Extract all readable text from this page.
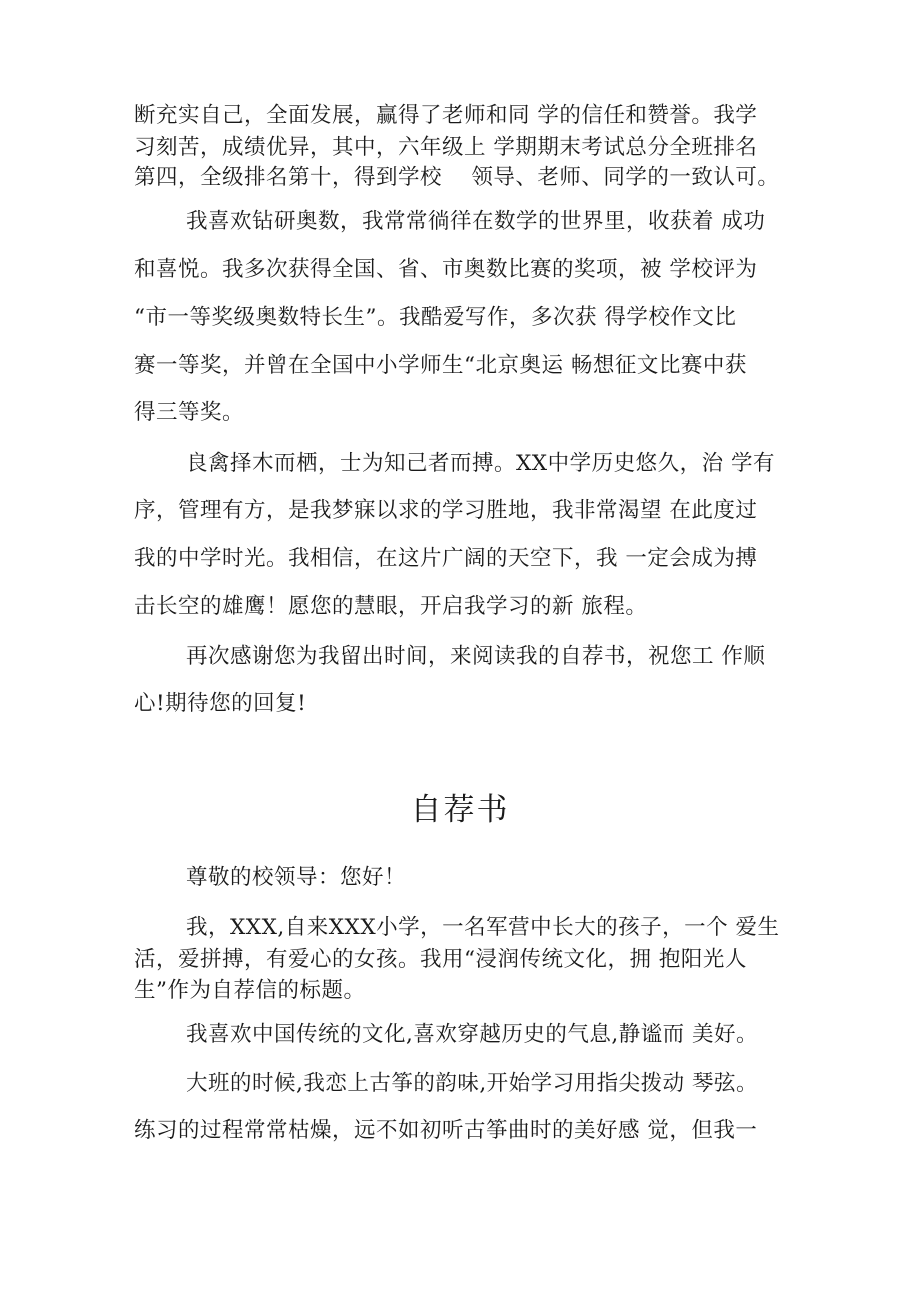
断充实自己，全面发展，赢得了老师和同 学的信任和赞誉。我学

习刻苦，成绩优异，其中，六年级上 学期期末考试总分全班排名

第四，全级排名第十，得到学校　 领导、老师、同学的一致认可。

我喜欢钻研奥数，我常常徜徉在数学的世界里，收获着 成功

和喜悦。我多次获得全国、省、市奥数比赛的奖项，被 学校评为

“市一等奖级奥数特长生”。我酷爱写作，多次获 得学校作文比

赛一等奖，并曾在全国中小学师生“北京奥运 畅想征文比赛中获

得三等奖。

良禽择木而栖，士为知己者而搏。XX中学历史悠久，治 学有

序，管理有方，是我梦寐以求的学习胜地，我非常渴望 在此度过

我的中学时光。我相信，在这片广阔的天空下，我 一定会成为搏

击长空的雄鹰！愿您的慧眼，开启我学习的新 旅程。

再次感谢您为我留出时间，来阅读我的自荐书，祝您工 作顺

心!期待您的回复!

自荐书

尊敬的校领导：您好！

我，XXX,自来XXX小学，一名军营中长大的孩子，一个 爱生

活，爱拼搏，有爱心的女孩。我用“浸润传统文化，拥 抱阳光人

生”作为自荐信的标题。

我喜欢中国传统的文化,喜欢穿越历史的气息,静谧而 美好。

大班的时候,我恋上古筝的韵味,开始学习用指尖拨动 琴弦。

练习的过程常常枯燥，远不如初听古筝曲时的美好感 觉，但我一
